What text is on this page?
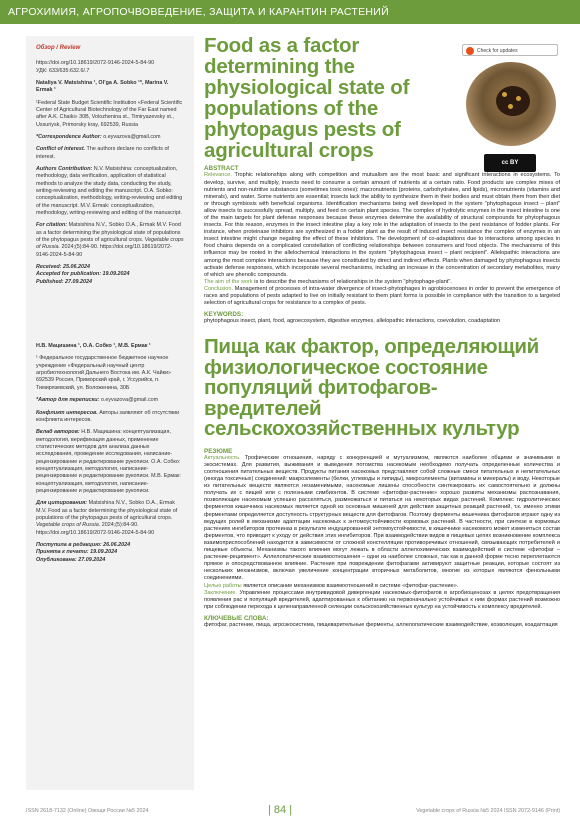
АГРОХИМИЯ, АГРОПОЧВОВЕДЕНИЕ, ЗАЩИТА И КАРАНТИН РАСТЕНИЙ

Обзор / Review

https://doi.org/10.18619/2072-9146-2024-5-84-90
УДК: 633/635:632.6/.7

Nataliya V. Matsishina ¹, Ol’ga A. Sobko ¹*, Marina V. Ermak ¹

¹Federal State Budget Scientific Institution «Federal Scientific Center of Agricultural Biotechnology of the Far East named after A.K. Chaiki» 30B, Volozhenina st., Timiryazevsky st., Ussuriysk, Primorsky kray, 692539, Russia

*Correspondence Author: o.eyvazova@gmail.com

Conflict of interest. The authors declare no conflicts of interest.

Authors Contribution: N.V. Matsishina: conceptualization, methodology, data verification, application of statistical methods to analyze the study data, conducting the study, writing-reviewing and editing the manuscript. O.A. Sobko: conceptualization, methodology, writing-reviewing and editing of the manuscript. M.V. Ermak: conceptualization, methodology, writing-reviewing and editing of the manuscript.

For citation: Matsishina N.V., Sobko O.A., Ermak M.V. Food as a factor determining the physiological state of populations of the phytopagus pests of agricultural crops. Vegetable crops of Russia. 2024;(5):84-90. https://doi.org/10.18619/2072-9146-2024-5-84-90

Received: 25.06.2024
Accepted for publication: 19.09.2024
Published: 27.09.2024

Н.В. Мацишина ¹, О.А. Собко ¹, М.В. Ермак ¹

¹ Федеральное государственное бюджетное научное учреждение «Федеральный научный центр агробиотехнологий Дальнего Востока им. А.К. Чайки» 692539 Россия, Приморский край, г. Уссурийск, п. Тимирязевский, ул. Воложенина, 30Б

*Автор для переписки: o.eyvazova@gmail.com

Конфликт интересов. Авторы заявляют об отсутствии конфликта интересов.

Вклад авторов: Н.В. Мацишина: концептуализация, методология, верификация данных, применение статистических методов для анализа данных исследования, проведение исследования, написание-рецензирование и редактирование рукописи. О.А. Собко: концептуализация, методология, написание-рецензирование и редактирование рукописи. М.В. Ермак: концептуализация, методология, написание-рецензирование и редактирование рукописи.

Для цитирования: Matsishina N.V., Sobko O.A., Ermak M.V. Food as a factor determining the physiological state of populations of the phytopagus pests of agricultural crops. Vegetable crops of Russia. 2024;(5):84-90. https://doi.org/10.18619/2072-9146-2024-5-84-90

Поступила в редакцию: 26.06.2024
Принята к печати: 19.09.2024
Опубликована: 27.09.2024

Check for updates
cc BY
Food as a factor determining the physiological state of populations of the phytopagus pests of agricultural crops
ABSTRACT

Relevance. Trophic relationships along with competition and mutualism are the most basic and significant interactions in ecosystems. To develop, survive, and multiply, insects need to consume a certain amount of nutrients at a certain ratio. Food products are complex mixes of nutrients and non-nutritive substances (sometimes toxic ones): macronutrients (proteins, carbohydrates, and lipids), micronutrients (vitamins and minerals), and water. Some nutrients are essential; insects lack the ability to synthesize them in their bodies and must obtain them from their diet or through symbiosis with beneficial organisms. Identification mechanisms being well developed in the system "phytophagous insect – plant" allow insects to successfully spread, multiply, and feed on certain plant species. The complex of hydrolytic enzymes in the insect intestine is one of the main targets for plant defense responses because these enzymes determine the availability of structural compounds for phytophagous insects. For this reason, enzymes in the insect intestine play a key role in the adaptation of insects to the pest resistance of fodder plants. For instance, when proteinase inhibitors are synthesized in a fodder plant as the result of induced insect resistance the complex of enzymes in an insect intestine might change negating the effect of these inhibitors. The development of co-adaptations due to interactions among species in food chains depends on a complicated constellation of conflicting relationships between consumers and food objects. The mechanisms of this influence may be rooted in the allelochemical interactions in the system "phytophagous insect – plant recipient". Allelopathic interactions are among the most complex interactions because they are constituted by direct and indirect effects. Plants when damaged by phytophagous insects activate defense responses, which incorporate several mechanisms, including an increase in the concentration of secondary metabolites, many of which are phenolic compounds.

The aim of the work is to describe the mechanisms of relationships in the system "phytophage-plant".

Conclusion. Management of processes of intra-water divergence of insect-phytophages in agrobiocenoses in order to prevent the emergence of races and populations of pests adapted to live on initially resistant to them plant forms is possible in compliance with the transition to a targeted selection of agricultural crops for resistance to a complex of pests.

KEYWORDS:

phytophagous insect, plant, food, agroecosystem, digestive enzymes, allelopathic interactions, coevolution, coadaptation

Пища как фактор, определяющий физиологическое состояние популяций фитофагов-вредителей сельскохозяйственных культур
РЕЗЮМЕ

Актуальность. Трофические отношения, наряду с конкуренцией и мутуализмом, являются наиболее общими и значимыми в экосистемах. Для развития, выживания и выведения потомства насекомым необходимо получать определенные количества и соотношения питательных веществ. Продукты питания насекомых представляют собой сложные смеси питательных и непитательных (иногда токсичных) соединений: макроэлементы (белки, углеводы и липиды), микроэлементы (витамины и минералы) и воду. Некоторые из питательных веществ являются незаменимыми, насекомые лишены способности синтезировать их самостоятельно и должны получать их с пищей или с полезными симбионтов. В системе «фитофаг-растение» хорошо развиты механизмы распознавания, позволяющие насекомым успешно расселяться, размножаться и питаться на некоторых видах растений. Комплекс гидролитических ферментов кишечника насекомых является одной из основных мишеней для действия защитных реакций растений, т.к. именно этими ферментами определяется доступность структурных веществ для фитофагов. Поэтому ферменты кишечника фитофагов играют одну из ведущих ролей в механизме адаптации насекомых к энтомоустойчивости кормовых растений. В частности, при синтезе в кормовых растениях ингибиторов протеиназ в результате индуцированной энтомоустойчивости, в кишечнике насекомого может изменяться состав ферментов, что приводит к уходу от действия этих ингибиторов. При взаимодействии видов в пищевых цепях возникновение комплекса взаимоприспособлений находится в зависимости от сложной констелляции противоречивых отношений, связывающих потребителей и пищевые объекты. Механизмы такого влияния могут лежать в области аллелохимических взаимодействий в системе «фитофаг – растение-реципиент». Аллелопатические взаимоотношения – одни из наиболее сложных, так как в данной форме тесно переплетаются прямое и опосредствованное влияние. Растения при повреждении фитофагами активируют защитные реакции, которые состоят из нескольких механизмов, включая увеличение концентрации вторичных метаболитов, многие из которых являются фенольными соединениями.

Целью работы является описание механизмов взаимоотношений в системе «фитофаг-растение».

Заключение. Управление процессами внутривидовой дивергенции насекомых-фитофагов в агробиоценозах в целях предотвращения появления рас и популяций вредителей, адаптированных к обитанию на первоначально устойчивых к ним формах растений возможно при соблюдении перехода к целенаправленной селекции сельскохозяйственных культур на устойчивость к комплексу вредителей.

КЛЮЧЕВЫЕ СЛОВА:

фитофаг, растение, пища, агроэкосистема, пищеварительные ферменты, аллелопатические взаимодействие, коэволюция, коадаптация

ISSN 2618-7132 (Online) Овощи России №5 2024	| 84 |	Vegetable crops of Russia №5 2024 ISSN 2072-9146 (Print)
